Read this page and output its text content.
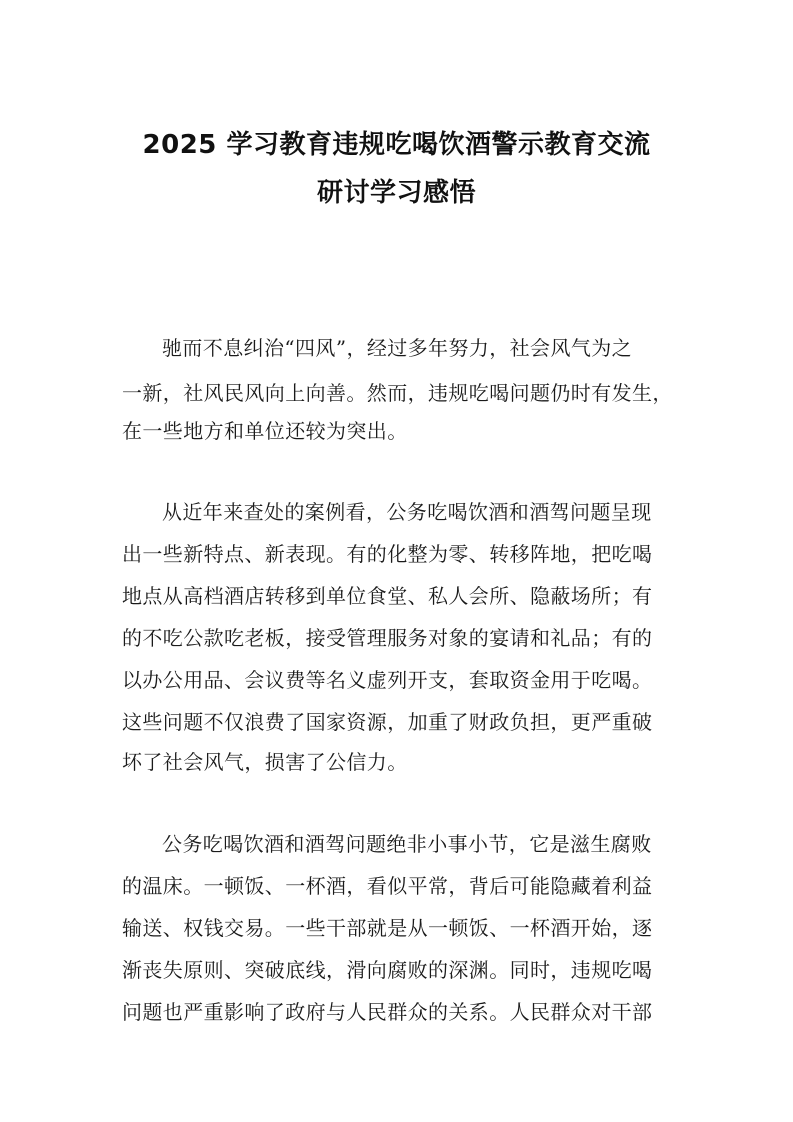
2025 学习教育违规吃喝饮酒警示教育交流
研讨学习感悟
驰而不息纠治“四风”，经过多年努力，社会风气为之
一新，社风民风向上向善。然而，违规吃喝问题仍时有发生，
在一些地方和单位还较为突出。
从近年来查处的案例看，公务吃喝饮酒和酒驾问题呈现
出一些新特点、新表现。有的化整为零、转移阵地，把吃喝
地点从高档酒店转移到单位食堂、私人会所、隐蔽场所；有
的不吃公款吃老板，接受管理服务对象的宴请和礼品；有的
以办公用品、会议费等名义虚列开支，套取资金用于吃喝。
这些问题不仅浪费了国家资源，加重了财政负担，更严重破
坏了社会风气，损害了公信力。
公务吃喝饮酒和酒驾问题绝非小事小节，它是滋生腐败
的温床。一顿饭、一杯酒，看似平常，背后可能隐藏着利益
输送、权钱交易。一些干部就是从一顿饭、一杯酒开始，逐
渐丧失原则、突破底线，滑向腐败的深渊。同时，违规吃喝
问题也严重影响了政府与人民群众的关系。人民群众对干部
